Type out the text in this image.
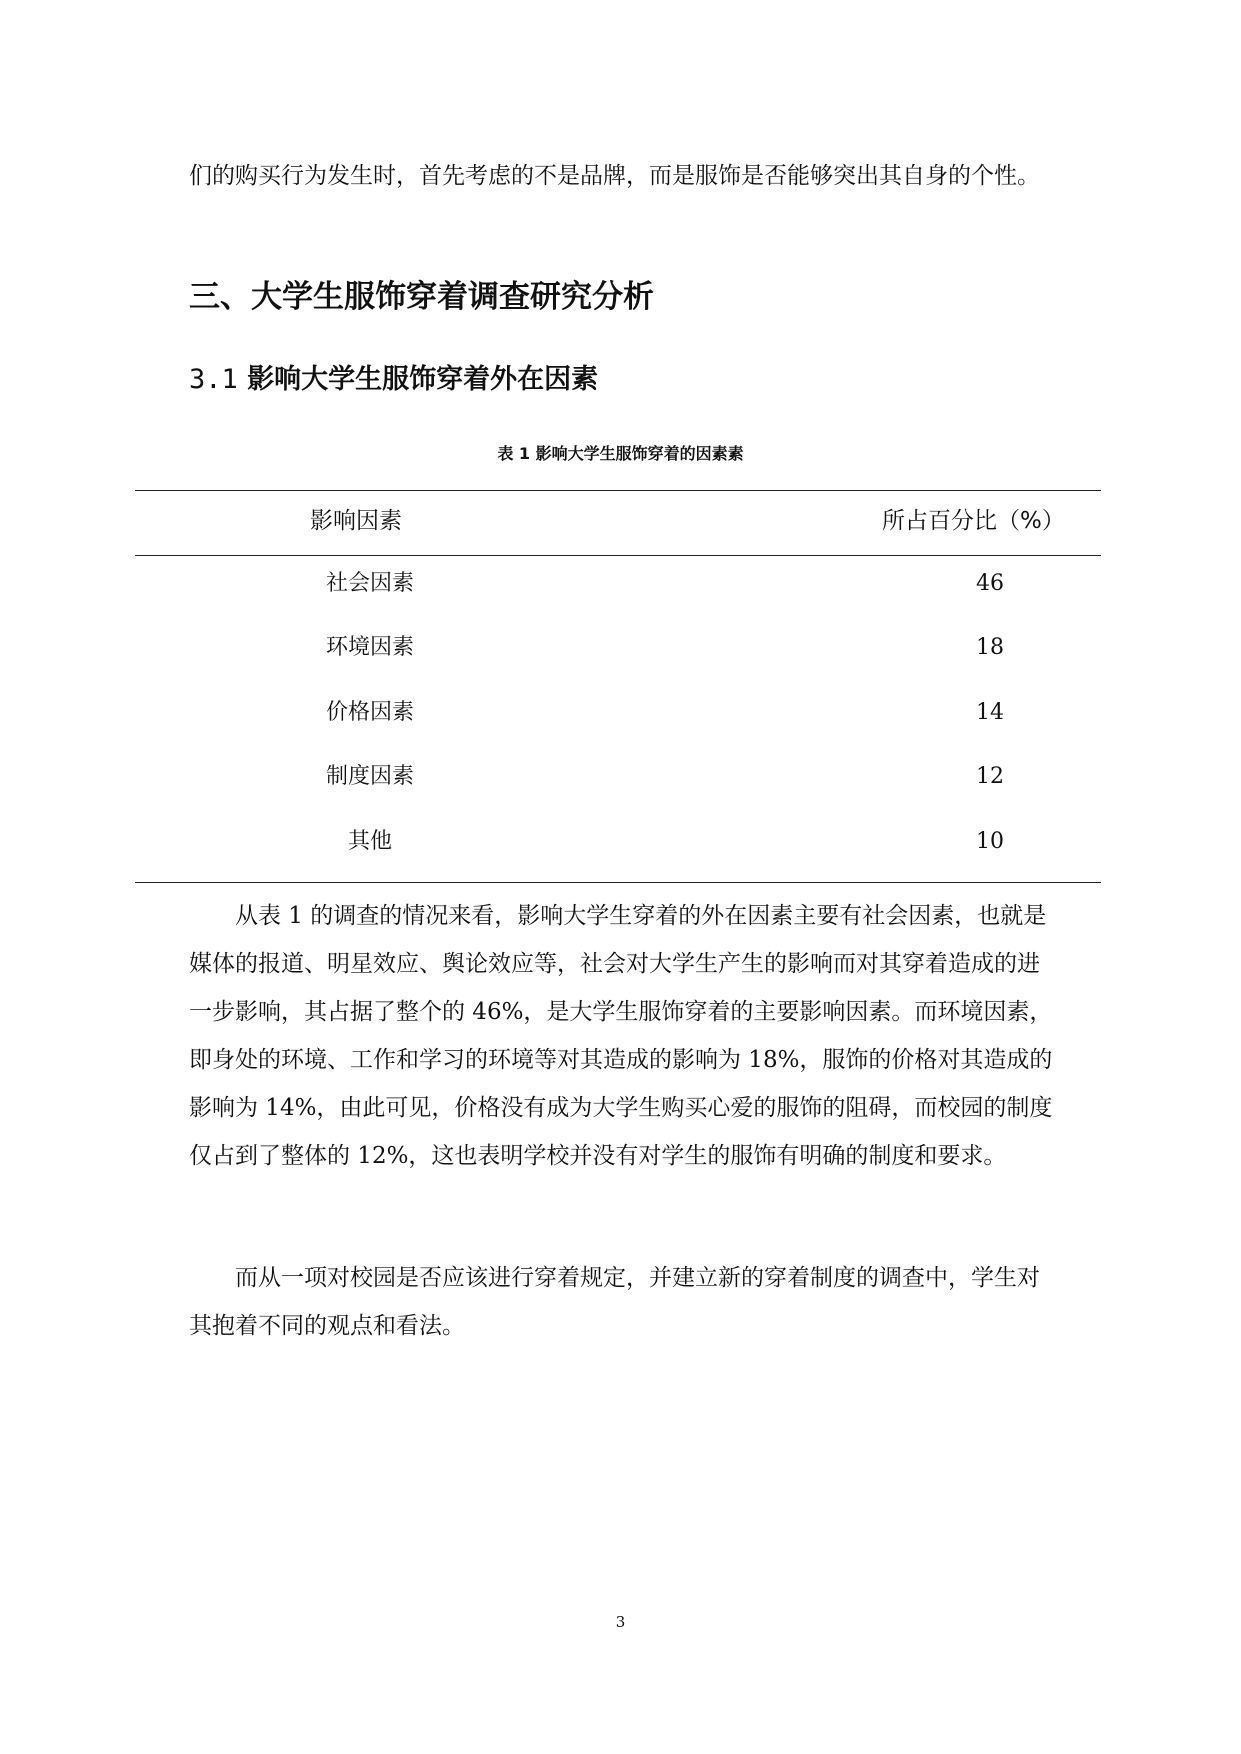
们的购买行为发生时，首先考虑的不是品牌，而是服饰是否能够突出其自身的个性。

三、大学生服饰穿着调查研究分析
3.1 影响大学生服饰穿着外在因素

表 1 影响大学生服饰穿着的因素素

影响因素	所占百分比（%）
社会因素	46
环境因素	18
价格因素	14
制度因素	12
其他	10

从表 1 的调查的情况来看，影响大学生穿着的外在因素主要有社会因素，也就是媒体的报道、明星效应、舆论效应等，社会对大学生产生的影响而对其穿着造成的进一步影响，其占据了整个的 46%，是大学生服饰穿着的主要影响因素。而环境因素，即身处的环境、工作和学习的环境等对其造成的影响为 18%，服饰的价格对其造成的影响为 14%，由此可见，价格没有成为大学生购买心爱的服饰的阻碍，而校园的制度仅占到了整体的 12%，这也表明学校并没有对学生的服饰有明确的制度和要求。

而从一项对校园是否应该进行穿着规定，并建立新的穿着制度的调查中，学生对其抱着不同的观点和看法。

3
